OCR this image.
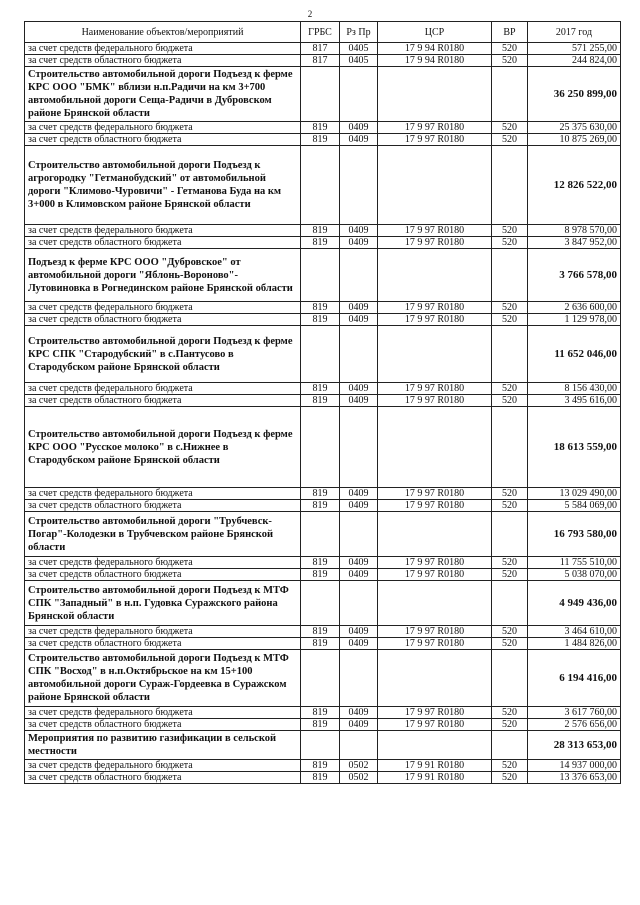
2
Наименование объектов/мероприятий	ГРБС	Рз Пр	ЦСР	ВР	2017 год
за счет средств федерального бюджета	817	0405	17 9 94 R0180	520	571 255,00
за счет средств областного бюджета	817	0405	17 9 94 R0180	520	244 824,00
Строительство автомобильной дороги Подъезд к ферме КРС ООО "БМК" вблизи н.п.Радичи на км 3+700 автомобильной дороги Сеща-Радичи в Дубровском районе Брянской области					36 250 899,00
за счет средств федерального бюджета	819	0409	17 9 97 R0180	520	25 375 630,00
за счет средств областного бюджета	819	0409	17 9 97 R0180	520	10 875 269,00
Строительство автомобильной дороги Подъезд к агрогородку "Гетманобудский" от автомобильной дороги "Климово-Чуровичи" - Гетманова Буда на км 3+000 в Климовском районе Брянской области					12 826 522,00
за счет средств федерального бюджета	819	0409	17 9 97 R0180	520	8 978 570,00
за счет средств областного бюджета	819	0409	17 9 97 R0180	520	3 847 952,00
Подъезд к ферме КРС ООО "Дубровское" от автомобильной дороги "Яблонь-Вороново"-Лутовиновка в Рогнединском районе Брянской области					3 766 578,00
за счет средств федерального бюджета	819	0409	17 9 97 R0180	520	2 636 600,00
за счет средств областного бюджета	819	0409	17 9 97 R0180	520	1 129 978,00
Строительство автомобильной дороги Подъезд к ферме КРС СПК "Стародубский" в с.Пантусово в Стародубском районе Брянской области					11 652 046,00
за счет средств федерального бюджета	819	0409	17 9 97 R0180	520	8 156 430,00
за счет средств областного бюджета	819	0409	17 9 97 R0180	520	3 495 616,00
Строительство автомобильной дороги Подъезд к ферме КРС ООО "Русское молоко" в с.Нижнее в Стародубском районе Брянской области					18 613 559,00
за счет средств федерального бюджета	819	0409	17 9 97 R0180	520	13 029 490,00
за счет средств областного бюджета	819	0409	17 9 97 R0180	520	5 584 069,00
Строительство автомобильной дороги "Трубчевск-Погар"-Колодезки в Трубчевском районе Брянской области					16 793 580,00
за счет средств федерального бюджета	819	0409	17 9 97 R0180	520	11 755 510,00
за счет средств областного бюджета	819	0409	17 9 97 R0180	520	5 038 070,00
Строительство автомобильной дороги Подъезд к МТФ СПК "Западный" в н.п. Гудовка Суражского района Брянской области					4 949 436,00
за счет средств федерального бюджета	819	0409	17 9 97 R0180	520	3 464 610,00
за счет средств областного бюджета	819	0409	17 9 97 R0180	520	1 484 826,00
Строительство автомобильной дороги Подъезд к МТФ СПК "Восход" в н.п.Октябрьское на км 15+100 автомобильной дороги Сураж-Гордеевка в Суражском районе Брянской области					6 194 416,00
за счет средств федерального бюджета	819	0409	17 9 97 R0180	520	3 617 760,00
за счет средств областного бюджета	819	0409	17 9 97 R0180	520	2 576 656,00
Мероприятия по развитию газификации в сельской местности					28 313 653,00
за счет средств федерального бюджета	819	0502	17 9 91 R0180	520	14 937 000,00
за счет средств областного бюджета	819	0502	17 9 91 R0180	520	13 376 653,00
